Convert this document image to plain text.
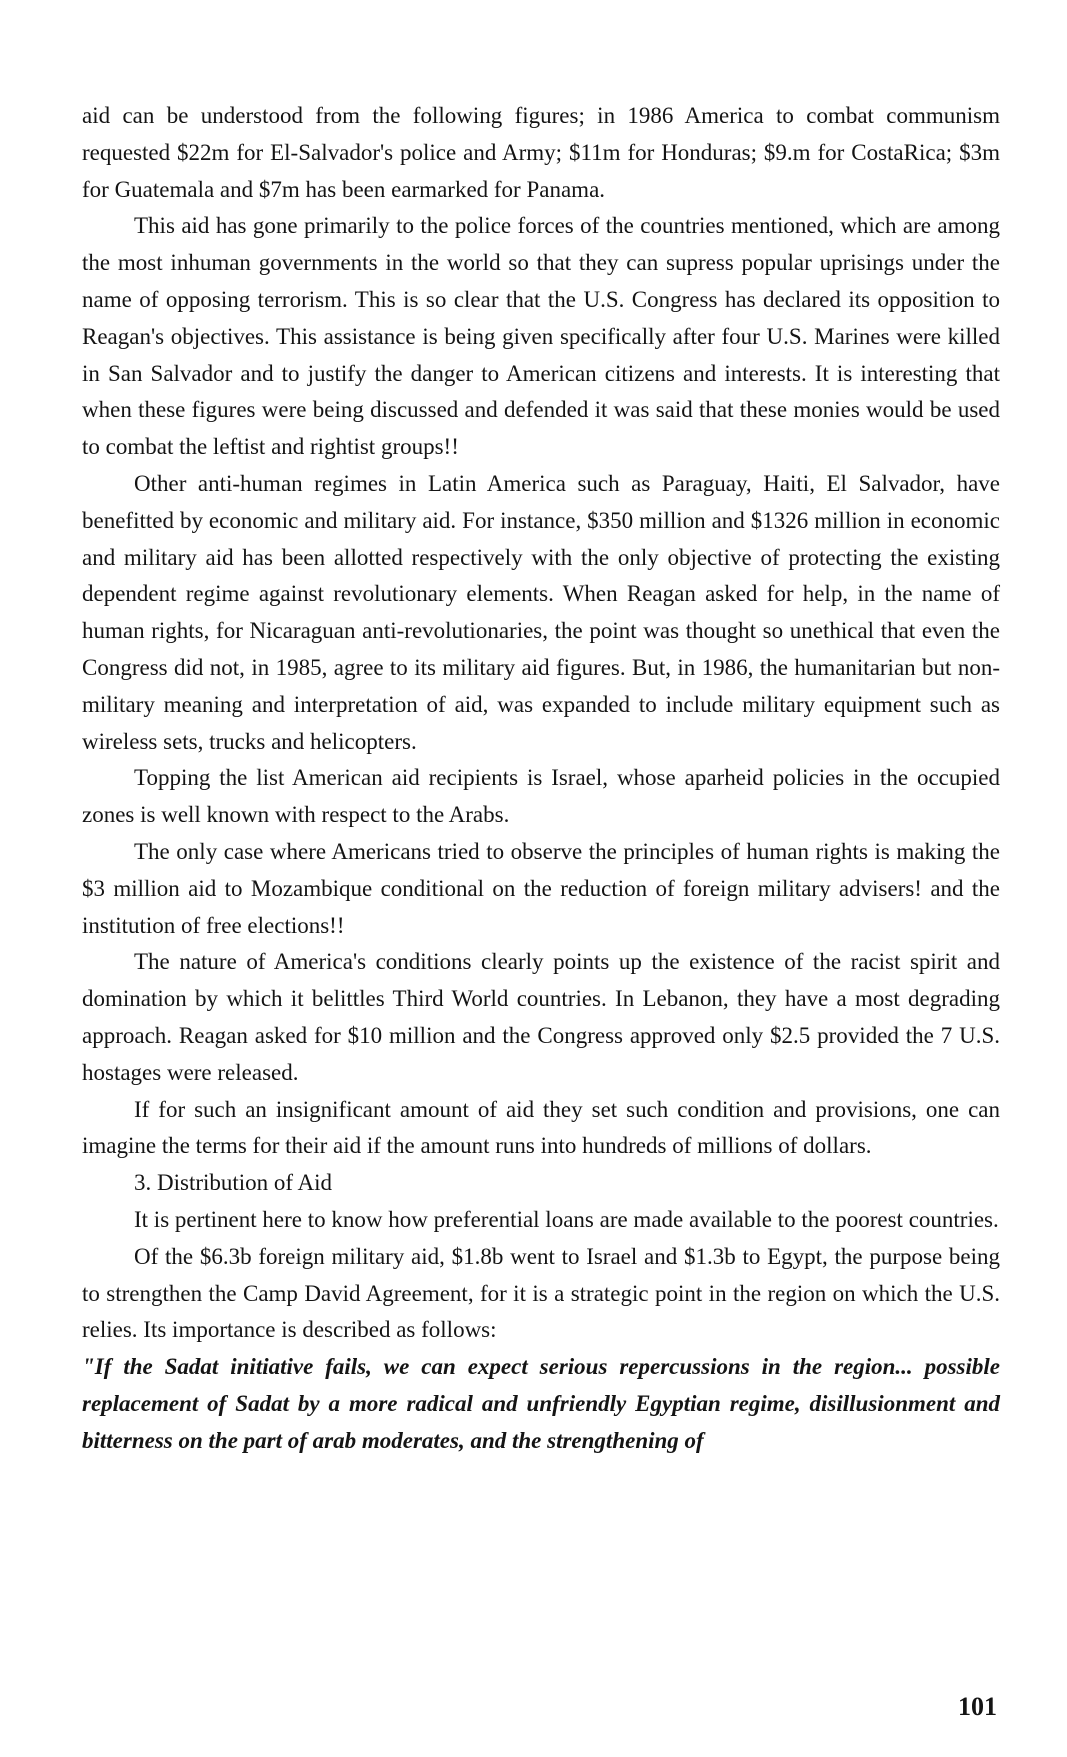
aid can be understood from the following figures; in 1986 America to combat communism requested $22m for El-Salvador's police and Army; $11m for Honduras; $9.m for CostaRica; $3m for Guatemala and $7m has been earmarked for Panama.

This aid has gone primarily to the police forces of the countries mentioned, which are among the most inhuman governments in the world so that they can supress popular uprisings under the name of opposing terrorism. This is so clear that the U.S. Congress has declared its opposition to Reagan's objectives. This assistance is being given specifically after four U.S. Marines were killed in San Salvador and to justify the danger to American citizens and interests. It is interesting that when these figures were being discussed and defended it was said that these monies would be used to combat the leftist and rightist groups!!

Other anti-human regimes in Latin America such as Paraguay, Haiti, El Salvador, have benefitted by economic and military aid. For instance, $350 million and $1326 million in economic and military aid has been allotted respectively with the only objective of protecting the existing dependent regime against revolutionary elements. When Reagan asked for help, in the name of human rights, for Nicaraguan anti-revolutionaries, the point was thought so unethical that even the Congress did not, in 1985, agree to its military aid figures. But, in 1986, the humanitarian but non-military meaning and interpretation of aid, was expanded to include military equipment such as wireless sets, trucks and helicopters.

Topping the list American aid recipients is Israel, whose aparheid policies in the occupied zones is well known with respect to the Arabs.

The only case where Americans tried to observe the principles of human rights is making the $3 million aid to Mozambique conditional on the reduction of foreign military advisers! and the institution of free elections!!

The nature of America's conditions clearly points up the existence of the racist spirit and domination by which it belittles Third World countries. In Lebanon, they have a most degrading approach. Reagan asked for $10 million and the Congress approved only $2.5 provided the 7 U.S. hostages were released.

If for such an insignificant amount of aid they set such condition and provisions, one can imagine the terms for their aid if the amount runs into hundreds of millions of dollars.

3. Distribution of Aid

It is pertinent here to know how preferential loans are made available to the poorest countries.

Of the $6.3b foreign military aid, $1.8b went to Israel and $1.3b to Egypt, the purpose being to strengthen the Camp David Agreement, for it is a strategic point in the region on which the U.S. relies. Its importance is described as follows:

"If the Sadat initiative fails, we can expect serious repercussions in the region... possible replacement of Sadat by a more radical and unfriendly Egyptian regime, disillusionment and bitterness on the part of arab moderates, and the strengthening of

101
